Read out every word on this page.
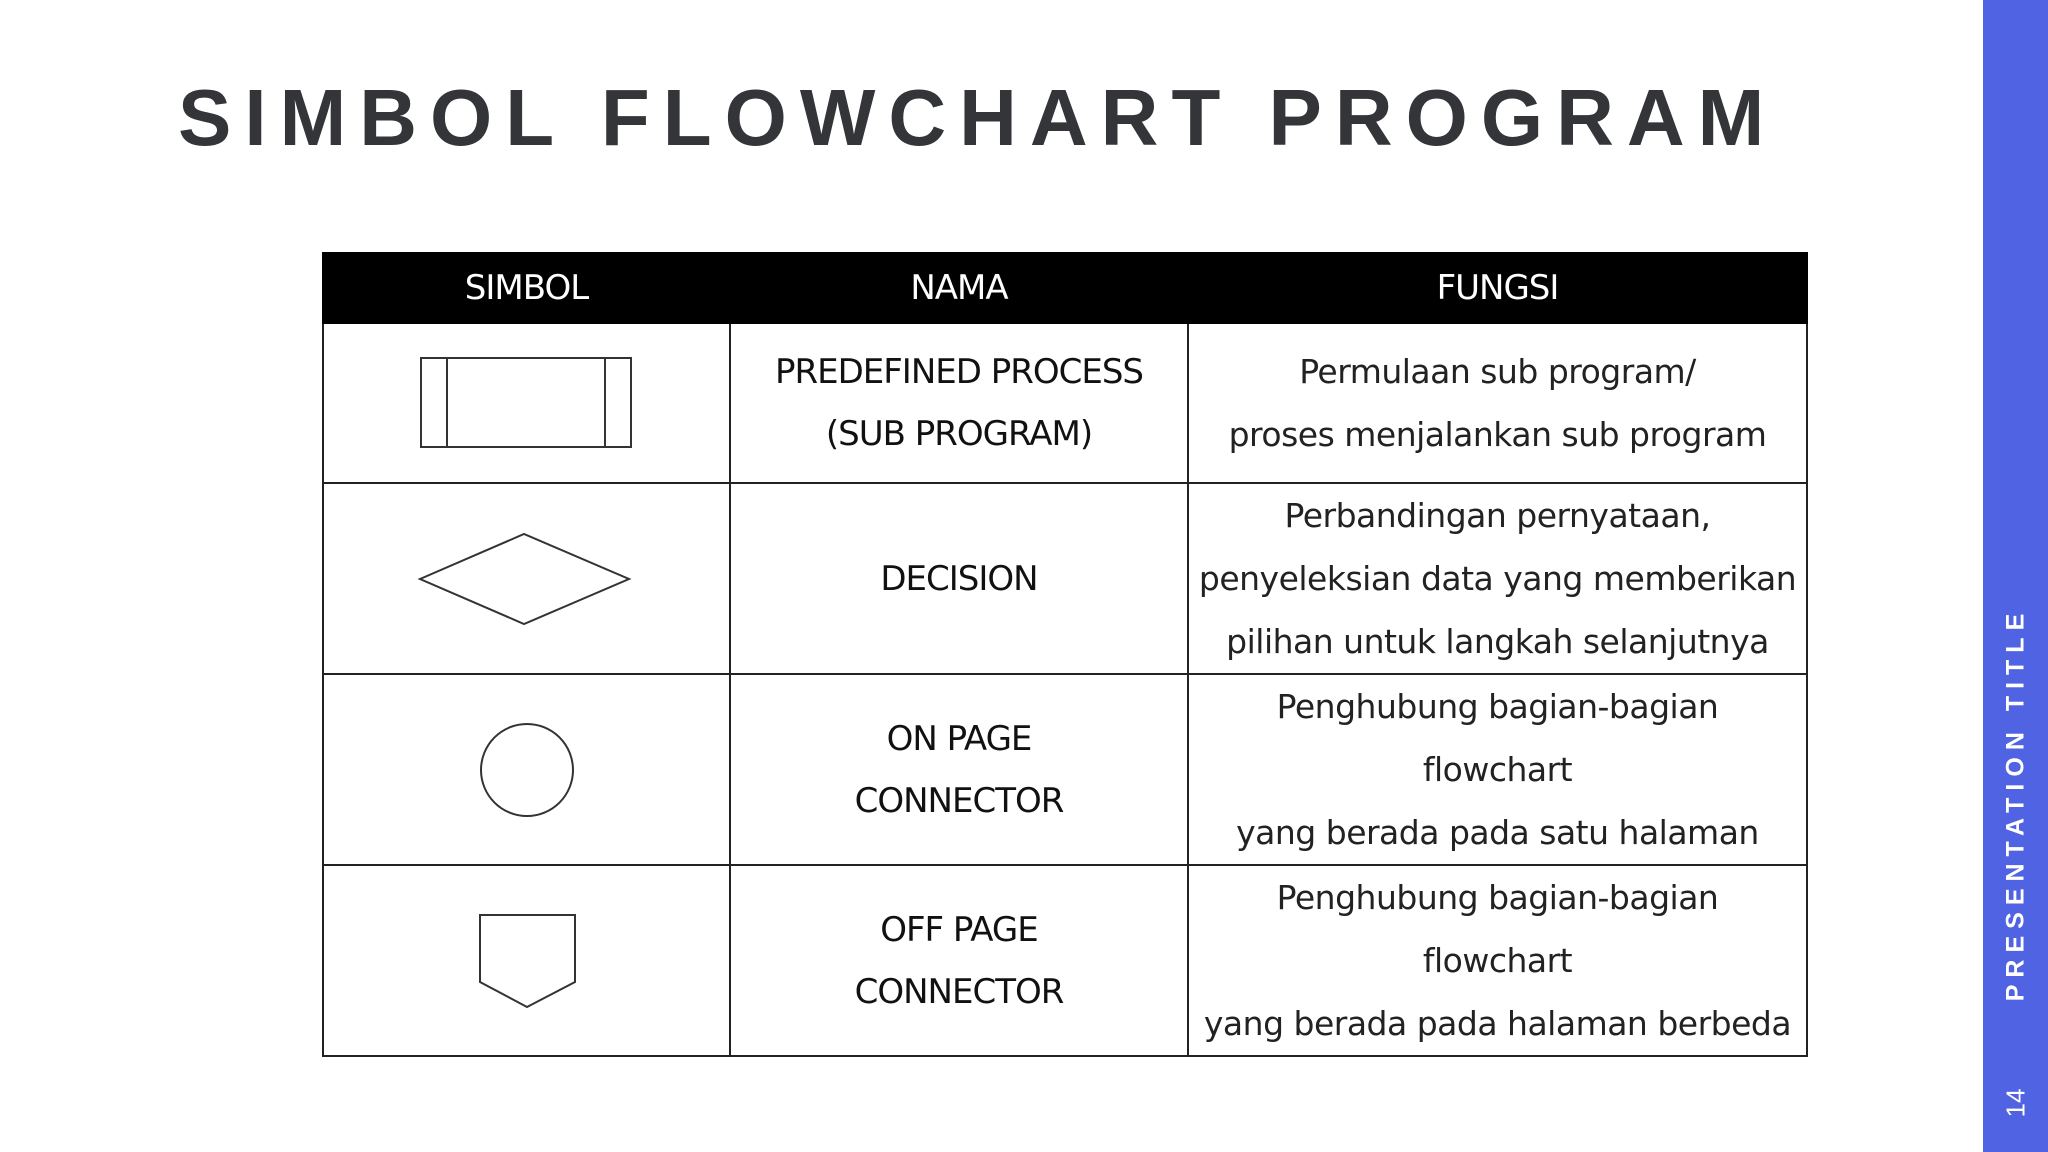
SIMBOL FLOWCHART PROGRAM
SIMBOL	NAMA	FUNGSI

PREDEFINED PROCESS
(SUB PROGRAM)	Permulaan sub program/
proses menjalankan sub program

DECISION	Perbandingan pernyataan,
penyeleksian data yang memberikan
pilihan untuk langkah selanjutnya

ON PAGE
CONNECTOR	Penghubung bagian-bagian
flowchart
yang berada pada satu halaman

OFF PAGE
CONNECTOR	Penghubung bagian-bagian
flowchart
yang berada pada halaman berbeda
PRESENTATION TITLE
14
